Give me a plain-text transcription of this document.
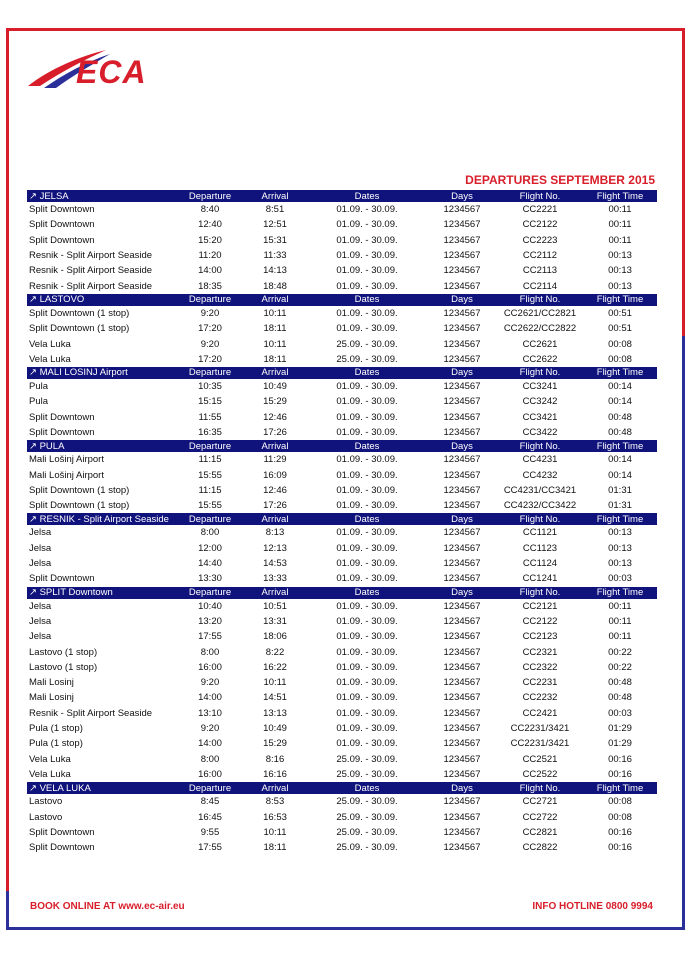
ECA
DEPARTURES SEPTEMBER 2015
↗ JELSA	Departure	Arrival	Dates	Days	Flight No.	Flight Time
Split Downtown	8:40	8:51	01.09. - 30.09.	1234567	CC2221	00:11
Split Downtown	12:40	12:51	01.09. - 30.09.	1234567	CC2122	00:11
Split Downtown	15:20	15:31	01.09. - 30.09.	1234567	CC2223	00:11
Resnik - Split Airport Seaside	11:20	11:33	01.09. - 30.09.	1234567	CC2112	00:13
Resnik - Split Airport Seaside	14:00	14:13	01.09. - 30.09.	1234567	CC2113	00:13
Resnik - Split Airport Seaside	18:35	18:48	01.09. - 30.09.	1234567	CC2114	00:13
↗ LASTOVO	Departure	Arrival	Dates	Days	Flight No.	Flight Time
Split Downtown (1 stop)	9:20	10:11	01.09. - 30.09.	1234567	CC2621/CC2821	00:51
Split Downtown (1 stop)	17:20	18:11	01.09. - 30.09.	1234567	CC2622/CC2822	00:51
Vela Luka	9:20	10:11	25.09. - 30.09.	1234567	CC2621	00:08
Vela Luka	17:20	18:11	25.09. - 30.09.	1234567	CC2622	00:08
↗ MALI LOSINJ Airport	Departure	Arrival	Dates	Days	Flight No.	Flight Time
Pula	10:35	10:49	01.09. - 30.09.	1234567	CC3241	00:14
Pula	15:15	15:29	01.09. - 30.09.	1234567	CC3242	00:14
Split Downtown	11:55	12:46	01.09. - 30.09.	1234567	CC3421	00:48
Split Downtown	16:35	17:26	01.09. - 30.09.	1234567	CC3422	00:48
↗ PULA	Departure	Arrival	Dates	Days	Flight No.	Flight Time
Mali Lošinj Airport	11:15	11:29	01.09. - 30.09.	1234567	CC4231	00:14
Mali Lošinj Airport	15:55	16:09	01.09. - 30.09.	1234567	CC4232	00:14
Split Downtown (1 stop)	11:15	12:46	01.09. - 30.09.	1234567	CC4231/CC3421	01:31
Split Downtown (1 stop)	15:55	17:26	01.09. - 30.09.	1234567	CC4232/CC3422	01:31
↗ RESNIK - Split Airport Seaside	Departure	Arrival	Dates	Days	Flight No.	Flight Time
Jelsa	8:00	8:13	01.09. - 30.09.	1234567	CC1121	00:13
Jelsa	12:00	12:13	01.09. - 30.09.	1234567	CC1123	00:13
Jelsa	14:40	14:53	01.09. - 30.09.	1234567	CC1124	00:13
Split Downtown	13:30	13:33	01.09. - 30.09.	1234567	CC1241	00:03
↗ SPLIT Downtown	Departure	Arrival	Dates	Days	Flight No.	Flight Time
Jelsa	10:40	10:51	01.09. - 30.09.	1234567	CC2121	00:11
Jelsa	13:20	13:31	01.09. - 30.09.	1234567	CC2122	00:11
Jelsa	17:55	18:06	01.09. - 30.09.	1234567	CC2123	00:11
Lastovo (1 stop)	8:00	8:22	01.09. - 30.09.	1234567	CC2321	00:22
Lastovo (1 stop)	16:00	16:22	01.09. - 30.09.	1234567	CC2322	00:22
Mali Losinj	9:20	10:11	01.09. - 30.09.	1234567	CC2231	00:48
Mali Losinj	14:00	14:51	01.09. - 30.09.	1234567	CC2232	00:48
Resnik - Split Airport Seaside	13:10	13:13	01.09. - 30.09.	1234567	CC2421	00:03
Pula (1 stop)	9:20	10:49	01.09. - 30.09.	1234567	CC2231/3421	01:29
Pula (1 stop)	14:00	15:29	01.09. - 30.09.	1234567	CC2231/3421	01:29
Vela Luka	8:00	8:16	25.09. - 30.09.	1234567	CC2521	00:16
Vela Luka	16:00	16:16	25.09. - 30.09.	1234567	CC2522	00:16
↗ VELA LUKA	Departure	Arrival	Dates	Days	Flight No.	Flight Time
Lastovo	8:45	8:53	25.09. - 30.09.	1234567	CC2721	00:08
Lastovo	16:45	16:53	25.09. - 30.09.	1234567	CC2722	00:08
Split Downtown	9:55	10:11	25.09. - 30.09.	1234567	CC2821	00:16
Split Downtown	17:55	18:11	25.09. - 30.09.	1234567	CC2822	00:16
BOOK ONLINE AT www.ec-air.eu	INFO HOTLINE 0800 9994
